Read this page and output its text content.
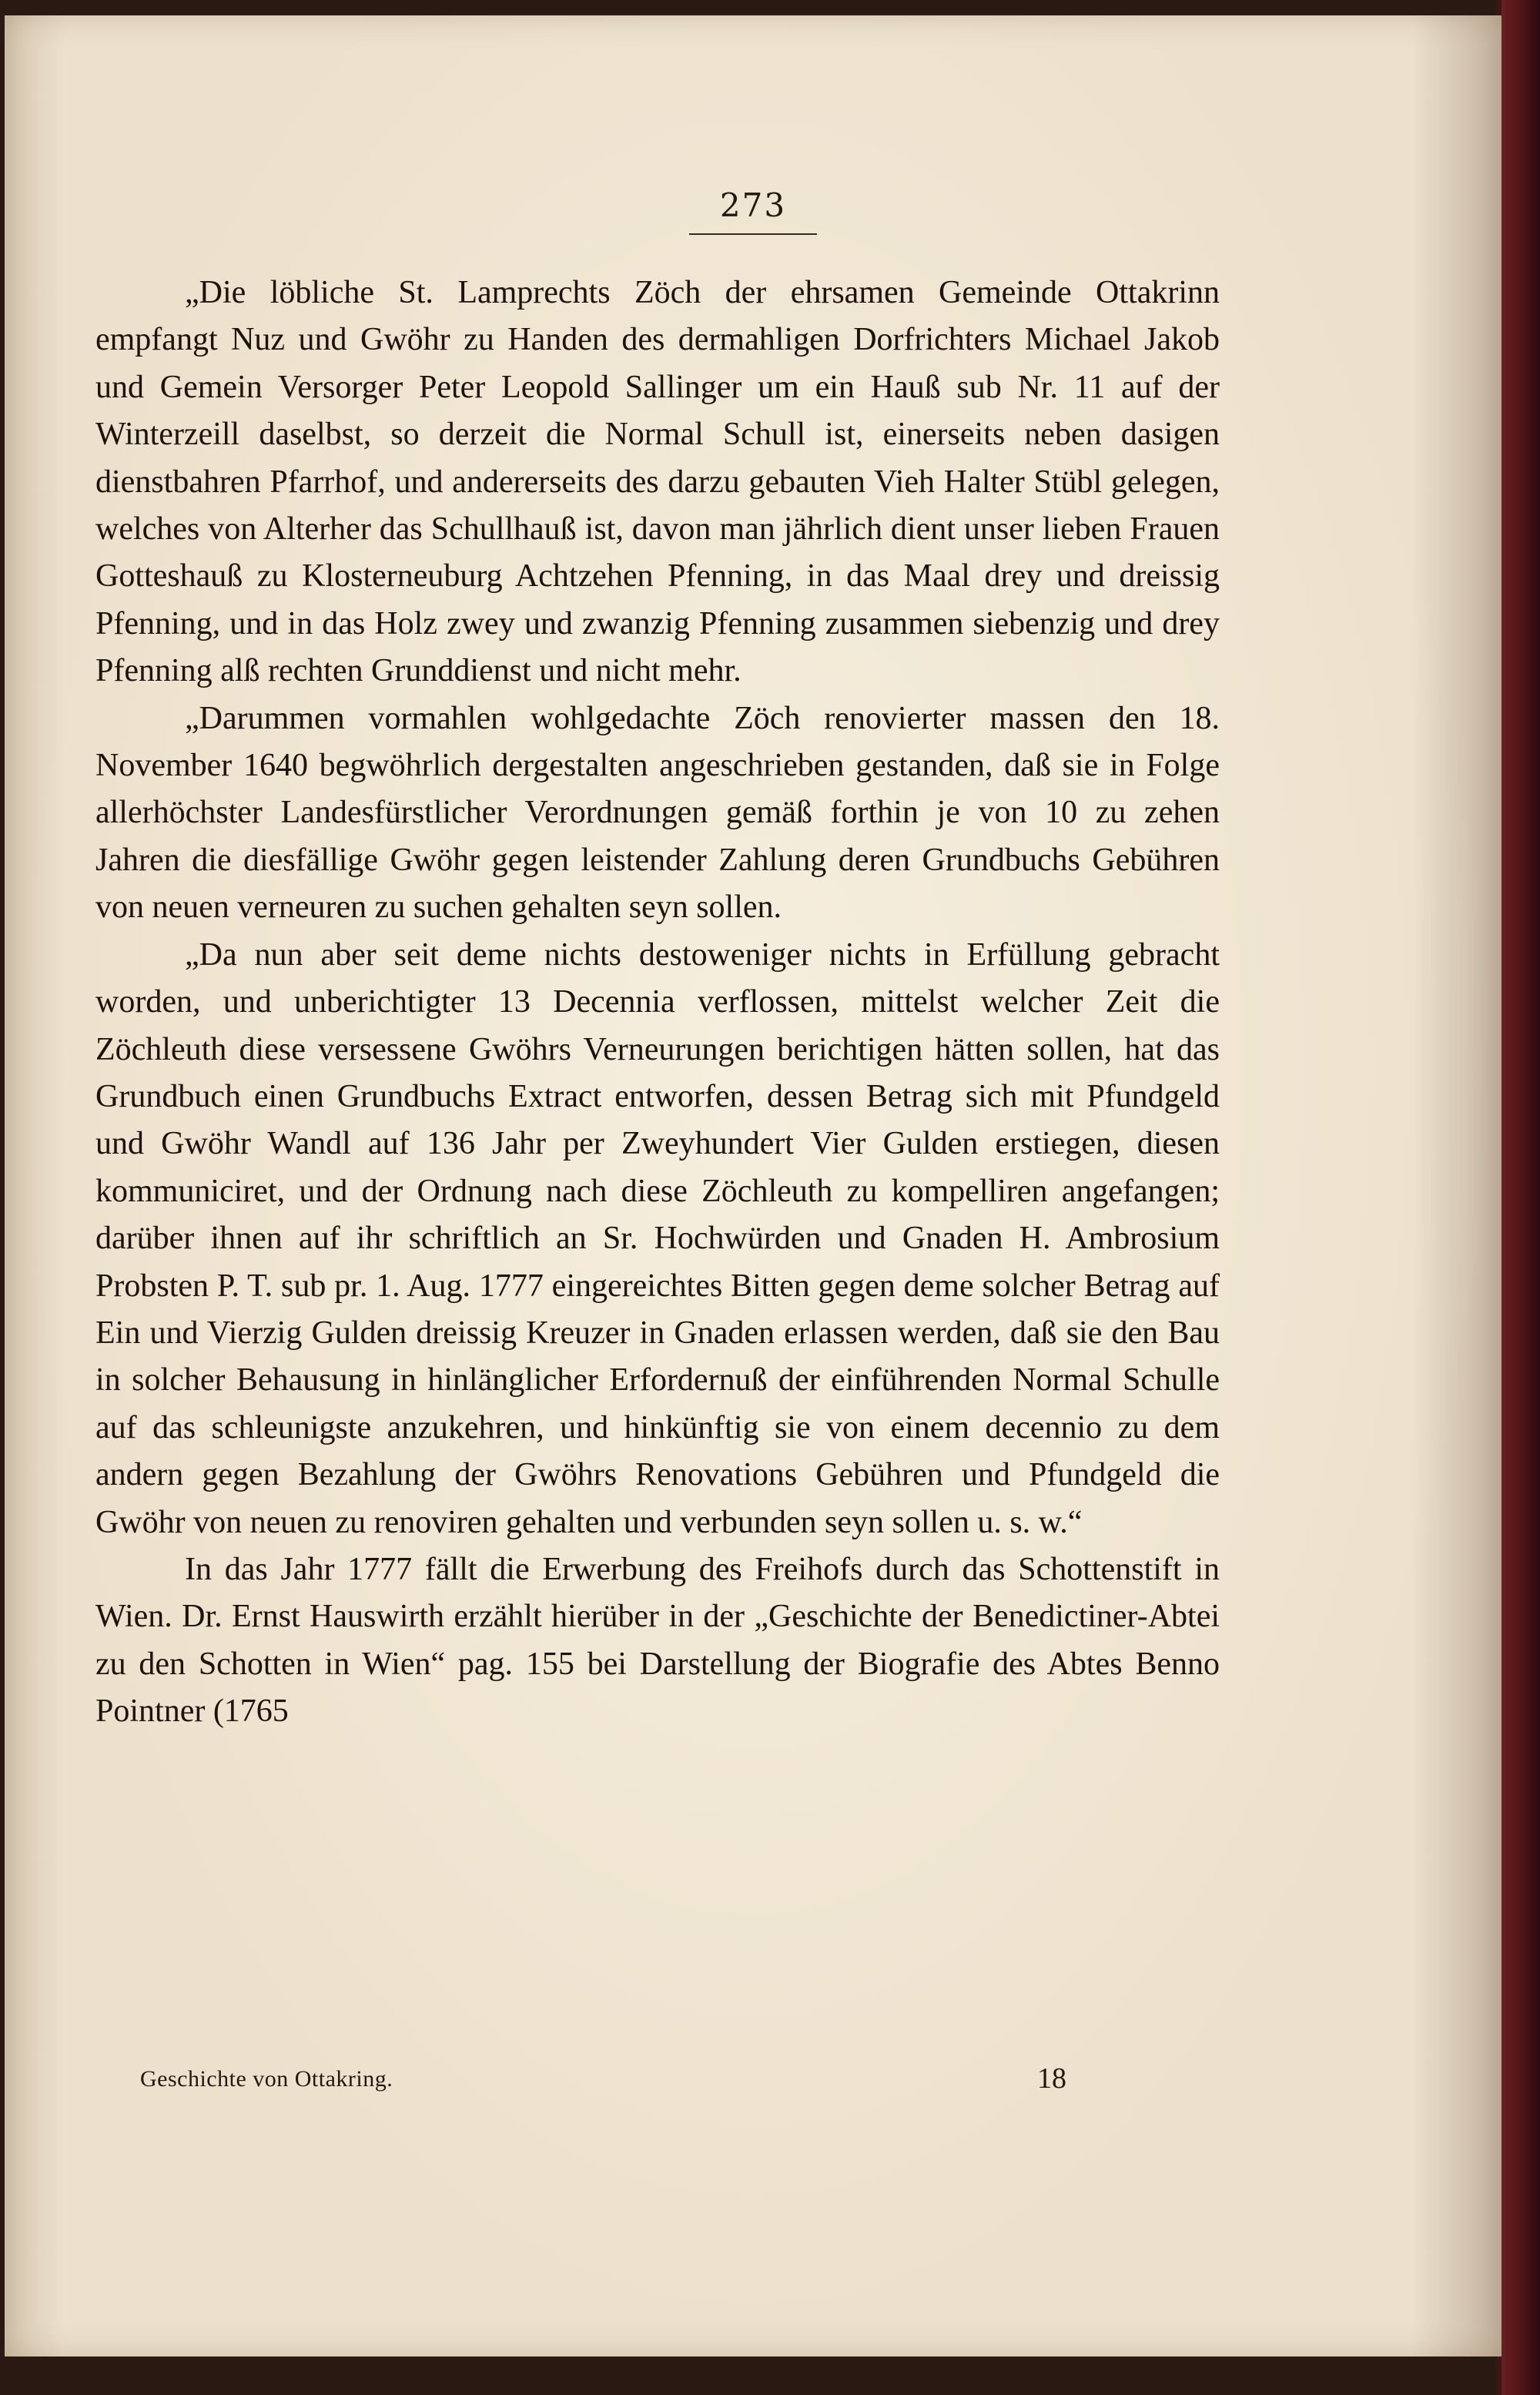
273

„Die löbliche St. Lamprechts Zöch der ehrsamen Gemeinde Ottakrinn empfangt Nuz und Gwöhr zu Handen des dermahligen Dorfrichters Michael Jakob und Gemein Versorger Peter Leopold Sallinger um ein Hauß sub Nr. 11 auf der Winterzeill daselbst, so derzeit die Normal Schull ist, einerseits neben dasigen dienstbahren Pfarrhof, und andererseits des darzu gebauten Vieh Halter Stübl gelegen, welches von Alterher das Schullhauß ist, davon man jährlich dient unser lieben Frauen Gotteshauß zu Klosterneuburg Achtzehen Pfenning, in das Maal drey und dreissig Pfenning, und in das Holz zwey und zwanzig Pfenning zusammen siebenzig und drey Pfenning alß rechten Grunddienst und nicht mehr.

„Darummen vormahlen wohlgedachte Zöch renovierter massen den 18. November 1640 begwöhrlich dergestalten angeschrieben gestanden, daß sie in Folge allerhöchster Landesfürstlicher Verordnungen gemäß forthin je von 10 zu zehen Jahren die diesfällige Gwöhr gegen leistender Zahlung deren Grundbuchs Gebühren von neuen verneuren zu suchen gehalten seyn sollen.

„Da nun aber seit deme nichts destoweniger nichts in Erfüllung gebracht worden, und unberichtigter 13 Decennia verflossen, mittelst welcher Zeit die Zöchleuth diese versessene Gwöhrs Verneurungen berichtigen hätten sollen, hat das Grundbuch einen Grundbuchs Extract entworfen, dessen Betrag sich mit Pfundgeld und Gwöhr Wandl auf 136 Jahr per Zweyhundert Vier Gulden erstiegen, diesen kommuniciret, und der Ordnung nach diese Zöchleuth zu kompelliren angefangen; darüber ihnen auf ihr schriftlich an Sr. Hochwürden und Gnaden H. Ambrosium Probsten P. T. sub pr. 1. Aug. 1777 eingereichtes Bitten gegen deme solcher Betrag auf Ein und Vierzig Gulden dreissig Kreuzer in Gnaden erlassen werden, daß sie den Bau in solcher Behausung in hinlänglicher Erfordernuß der einführenden Normal Schulle auf das schleunigste anzukehren, und hinkünftig sie von einem decennio zu dem andern gegen Bezahlung der Gwöhrs Renovations Gebühren und Pfundgeld die Gwöhr von neuen zu renoviren gehalten und verbunden seyn sollen u. s. w.“

In das Jahr 1777 fällt die Erwerbung des Freihofs durch das Schottenstift in Wien. Dr. Ernst Hauswirth erzählt hierüber in der „Geschichte der Benedictiner-Abtei zu den Schotten in Wien“ pag. 155 bei Darstellung der Biografie des Abtes Benno Pointner (1765

Geschichte von Ottakring.	18
